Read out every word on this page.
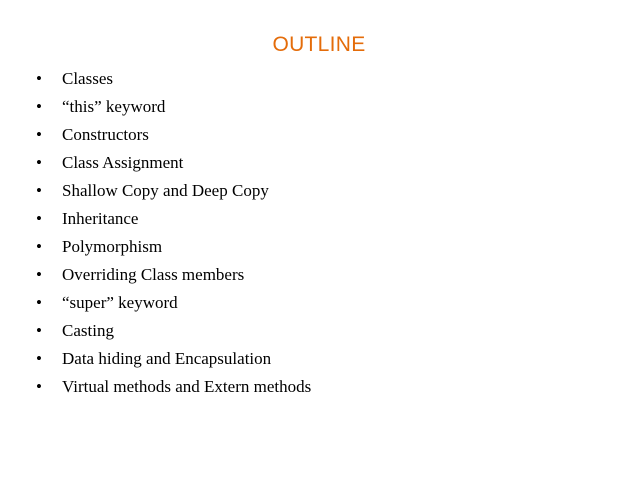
OUTLINE
•	Classes
•	“this” keyword
•	Constructors
•	Class Assignment
•	Shallow Copy and Deep Copy
•	Inheritance
•	Polymorphism
•	Overriding Class members
•	“super” keyword
•	Casting
•	Data hiding and Encapsulation
•	Virtual methods and Extern methods
